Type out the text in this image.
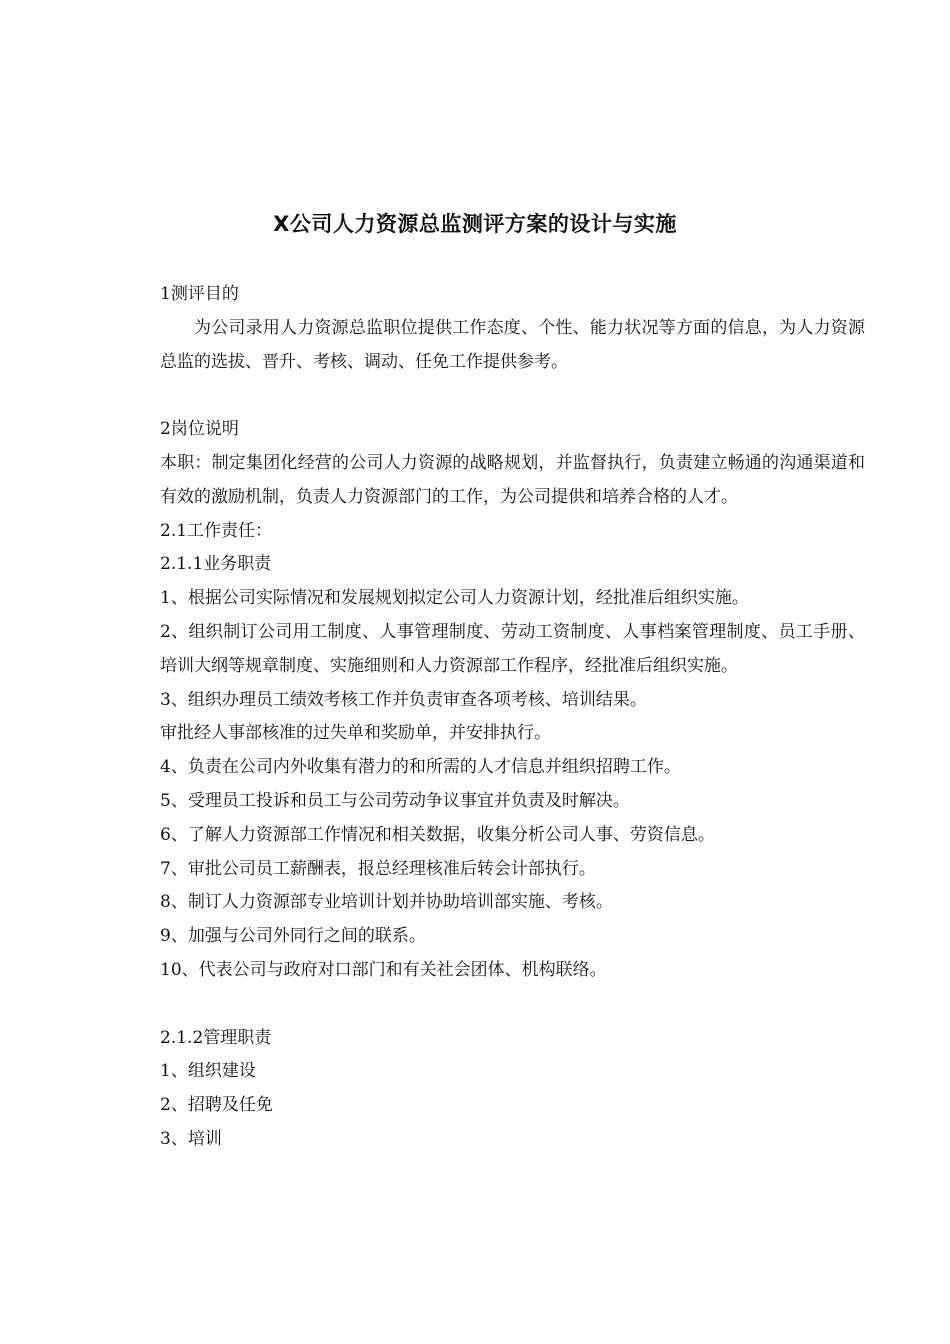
X公司人力资源总监测评方案的设计与实施

1测评目的

为公司录用人力资源总监职位提供工作态度、个性、能力状况等方面的信息，为人力资源总监的选拔、晋升、考核、调动、任免工作提供参考。

2岗位说明

本职：制定集团化经营的公司人力资源的战略规划，并监督执行，负责建立畅通的沟通渠道和有效的激励机制，负责人力资源部门的工作，为公司提供和培养合格的人才。

2.1工作责任：

2.1.1业务职责

1、根据公司实际情况和发展规划拟定公司人力资源计划，经批准后组织实施。

2、组织制订公司用工制度、人事管理制度、劳动工资制度、人事档案管理制度、员工手册、培训大纲等规章制度、实施细则和人力资源部工作程序，经批准后组织实施。

3、组织办理员工绩效考核工作并负责审查各项考核、培训结果。

审批经人事部核准的过失单和奖励单，并安排执行。

4、负责在公司内外收集有潜力的和所需的人才信息并组织招聘工作。

5、受理员工投诉和员工与公司劳动争议事宜并负责及时解决。

6、了解人力资源部工作情况和相关数据，收集分析公司人事、劳资信息。

7、审批公司员工薪酬表，报总经理核准后转会计部执行。

8、制订人力资源部专业培训计划并协助培训部实施、考核。

9、加强与公司外同行之间的联系。

10、代表公司与政府对口部门和有关社会团体、机构联络。

2.1.2管理职责

1、组织建设

2、招聘及任免

3、培训
